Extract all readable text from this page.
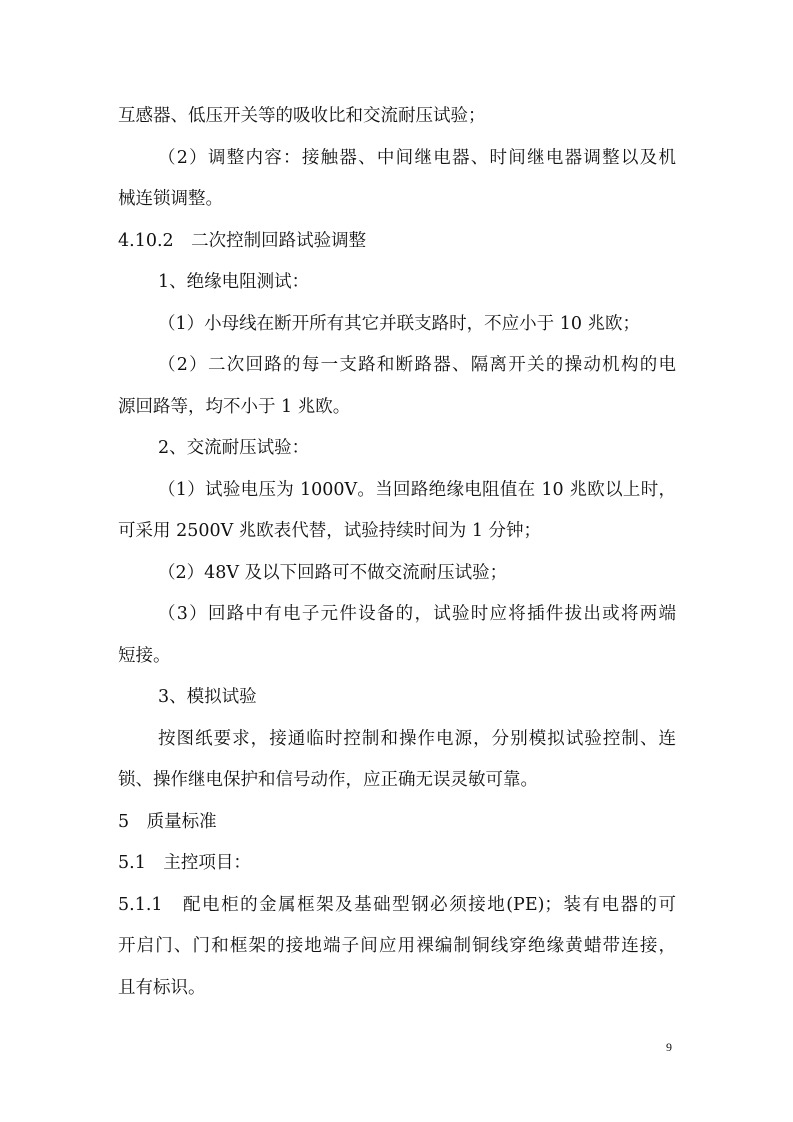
互感器、低压开关等的吸收比和交流耐压试验；
（2）调整内容：接触器、中间继电器、时间继电器调整以及机
械连锁调整。
4.10.2　二次控制回路试验调整
1、绝缘电阻测试：
（1）小母线在断开所有其它并联支路时，不应小于 10 兆欧；
（2）二次回路的每一支路和断路器、隔离开关的操动机构的电
源回路等，均不小于 1 兆欧。
2、交流耐压试验：
（1）试验电压为 1000V。当回路绝缘电阻值在 10 兆欧以上时，
可采用 2500V 兆欧表代替，试验持续时间为 1 分钟；
（2）48V 及以下回路可不做交流耐压试验；
（3）回路中有电子元件设备的，试验时应将插件拔出或将两端
短接。
3、模拟试验
按图纸要求，接通临时控制和操作电源，分别模拟试验控制、连
锁、操作继电保护和信号动作，应正确无误灵敏可靠。
5　质量标准
5.1　主控项目：
5.1.1　配电柜的金属框架及基础型钢必须接地(PE)；装有电器的可
开启门、门和框架的接地端子间应用裸编制铜线穿绝缘黄蜡带连接，
且有标识。
9
